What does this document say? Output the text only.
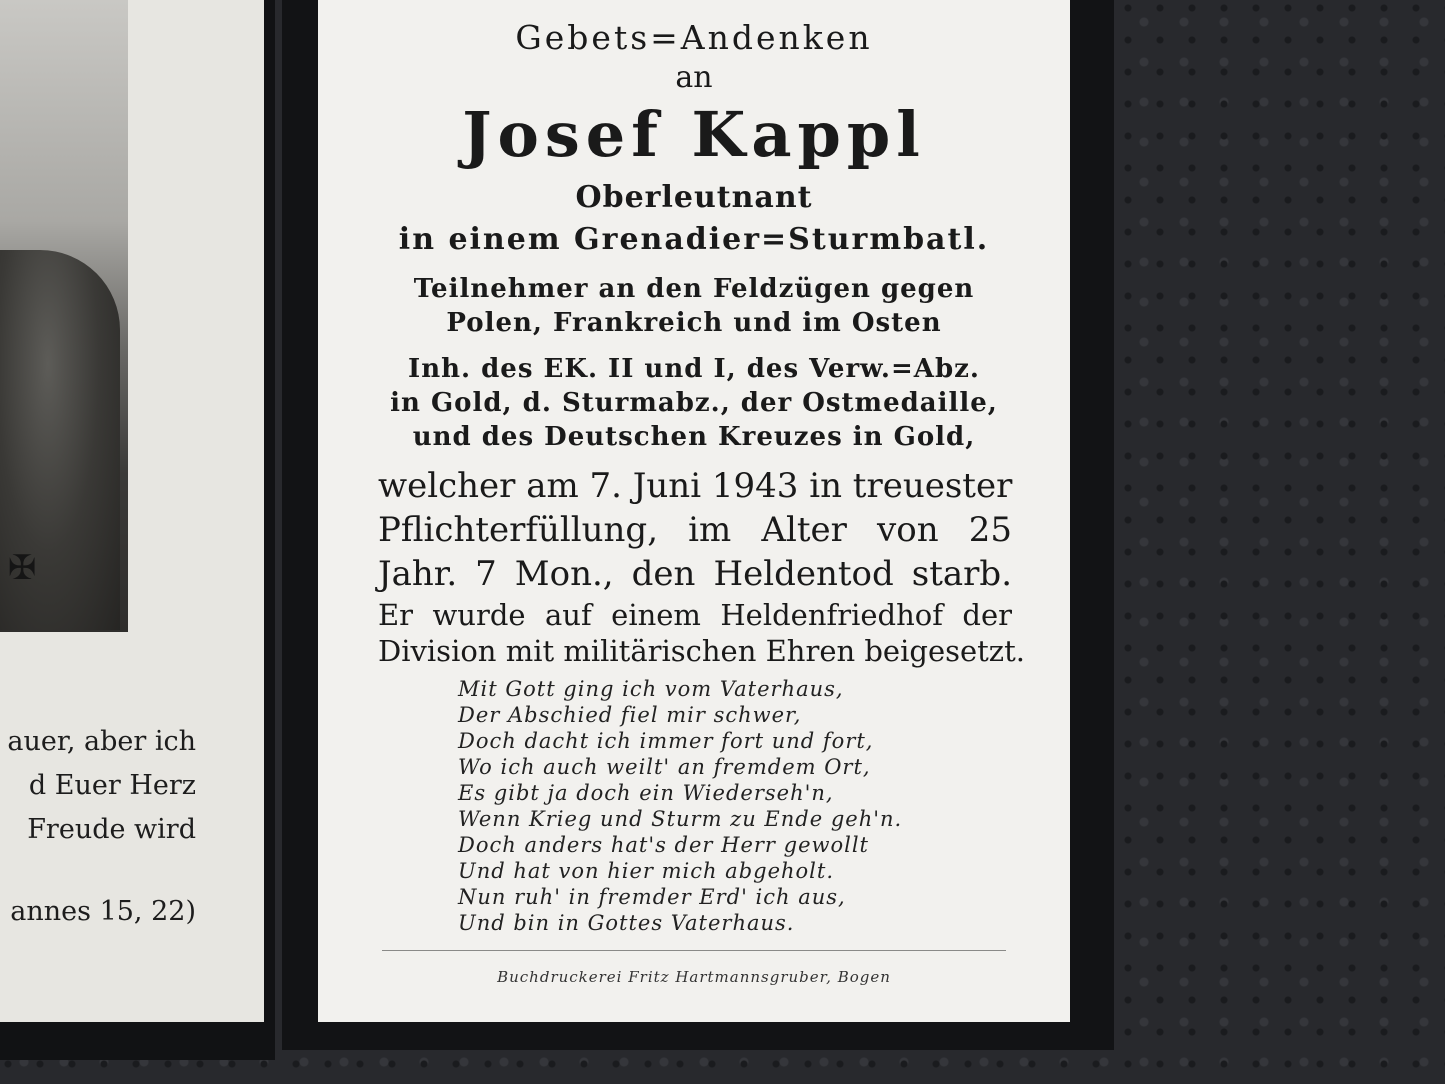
✠
auer, aber ich
d Euer Herz
Freude wird
annes 15, 22)
Gebets=Andenken
an
Josef Kappl
Oberleutnant
in einem Grenadier=Sturmbatl.
Teilnehmer an den Feldzügen gegen
Polen, Frankreich und im Osten
Inh. des EK. II und I, des Verw.=Abz.
in Gold, d. Sturmabz., der Ostmedaille,
und des Deutschen Kreuzes in Gold,
welcher am 7. Juni 1943 in treuester
Pflichterfüllung, im Alter von 25
Jahr. 7 Mon., den Heldentod starb.
Er wurde auf einem Heldenfriedhof der
Division mit militärischen Ehren beigesetzt.
Mit Gott ging ich vom Vaterhaus,
Der Abschied fiel mir schwer,
Doch dacht ich immer fort und fort,
Wo ich auch weilt' an fremdem Ort,
Es gibt ja doch ein Wiederseh'n,
Wenn Krieg und Sturm zu Ende geh'n.
Doch anders hat's der Herr gewollt
Und hat von hier mich abgeholt.
Nun ruh' in fremder Erd' ich aus,
Und bin in Gottes Vaterhaus.
Buchdruckerei Fritz Hartmannsgruber, Bogen
